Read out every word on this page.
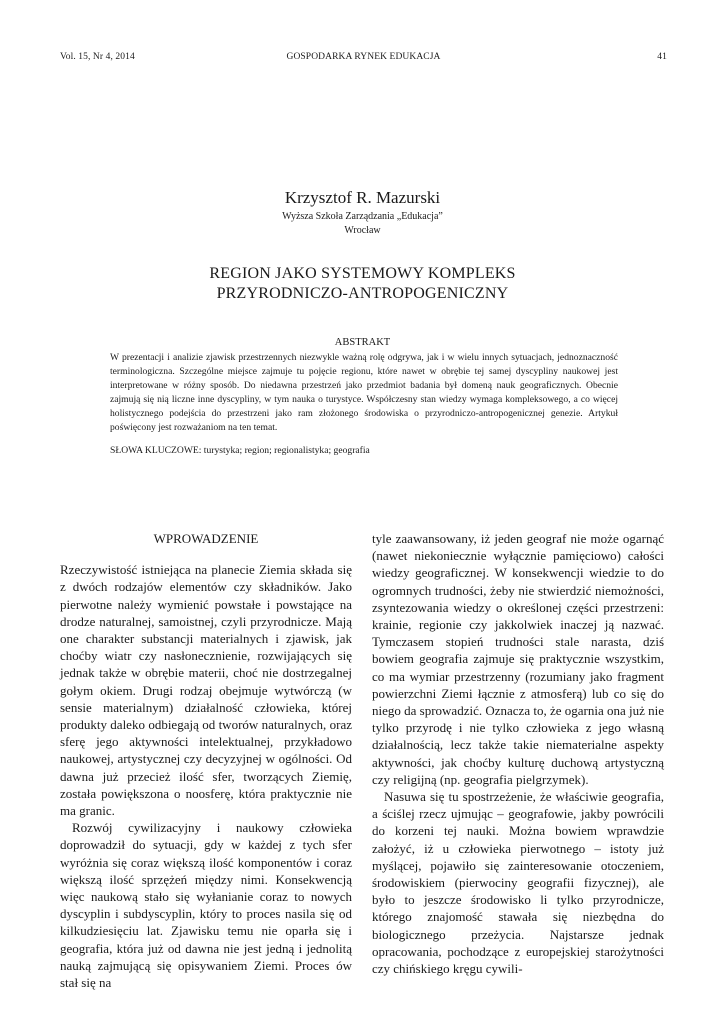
Vol. 15, Nr 4, 2014	GOSPODARKA RYNEK EDUKACJA	41
Krzysztof R. Mazurski
Wyższa Szkoła Zarządzania „Edukacja”
Wrocław
REGION JAKO SYSTEMOWY KOMPLEKS
PRZYRODNICZO-ANTROPOGENICZNY
ABSTRAKT
W prezentacji i analizie zjawisk przestrzennych niezwykle ważną rolę odgrywa, jak i w wielu innych sytuacjach, jednoznaczność terminologiczna. Szczególne miejsce zajmuje tu pojęcie regionu, które nawet w obrębie tej samej dyscypliny naukowej jest interpretowane w różny sposób. Do niedawna przestrzeń jako przedmiot badania był domeną nauk geograficznych. Obecnie zajmują się nią liczne inne dyscypliny, w tym nauka o turystyce. Współczesny stan wiedzy wymaga kompleksowego, a co więcej holistycznego podejścia do przestrzeni jako ram złożonego środowiska o przyrodniczo-antropogenicznej genezie. Artykuł poświęcony jest rozważaniom na ten temat.
SŁOWA KLUCZOWE: turystyka; region; regionalistyka; geografia
WPROWADZENIE

Rzeczywistość istniejąca na planecie Ziemia składa się z dwóch rodzajów elementów czy składników. Jako pierwotne należy wymienić powstałe i powstające na drodze naturalnej, samoistnej, czyli przyrodnicze. Mają one charakter substancji materialnych i zjawisk, jak choćby wiatr czy nasłonecznienie, rozwijających się jednak także w obrębie materii, choć nie dostrzegalnej gołym okiem. Drugi rodzaj obejmuje wytwórczą (w sensie materialnym) działalność człowieka, której produkty daleko odbiegają od tworów naturalnych, oraz sferę jego aktywności intelektualnej, przykładowo naukowej, artystycznej czy decyzyjnej w ogólności. Od dawna już przecież ilość sfer, tworzących Ziemię, została powiększona o noosferę, która praktycznie nie ma granic.

Rozwój cywilizacyjny i naukowy człowieka doprowadził do sytuacji, gdy w każdej z tych sfer wyróżnia się coraz większą ilość komponentów i coraz większą ilość sprzężeń między nimi. Konsekwencją więc naukową stało się wyłanianie coraz to nowych dyscyplin i subdyscyplin, który to proces nasila się od kilkudziesięciu lat. Zjawisku temu nie oparła się i geografia, która już od dawna nie jest jedną i jednolitą nauką zajmującą się opisywaniem Ziemi. Proces ów stał się na

tyle zaawansowany, iż jeden geograf nie może ogarnąć (nawet niekoniecznie wyłącznie pamięciowo) całości wiedzy geograficznej. W konsekwencji wiedzie to do ogromnych trudności, żeby nie stwierdzić niemożności, zsyntezowania wiedzy o określonej części przestrzeni: krainie, regionie czy jakkolwiek inaczej ją nazwać. Tymczasem stopień trudności stale narasta, dziś bowiem geografia zajmuje się praktycznie wszystkim, co ma wymiar przestrzenny (rozumiany jako fragment powierzchni Ziemi łącznie z atmosferą) lub co się do niego da sprowadzić. Oznacza to, że ogarnia ona już nie tylko przyrodę i nie tylko człowieka z jego własną działalnością, lecz także takie niematerialne aspekty aktywności, jak choćby kulturę duchową artystyczną czy religijną (np. geografia pielgrzymek).

Nasuwa się tu spostrzeżenie, że właściwie geografia, a ściślej rzecz ujmując – geografowie, jakby powrócili do korzeni tej nauki. Można bowiem wprawdzie założyć, iż u człowieka pierwotnego – istoty już myślącej, pojawiło się zainteresowanie otoczeniem, środowiskiem (pierwociny geografii fizycznej), ale było to jeszcze środowisko li tylko przyrodnicze, którego znajomość stawała się niezbędna do biologicznego przeżycia. Najstarsze jednak opracowania, pochodzące z europejskiej starożytności czy chińskiego kręgu cywili-
